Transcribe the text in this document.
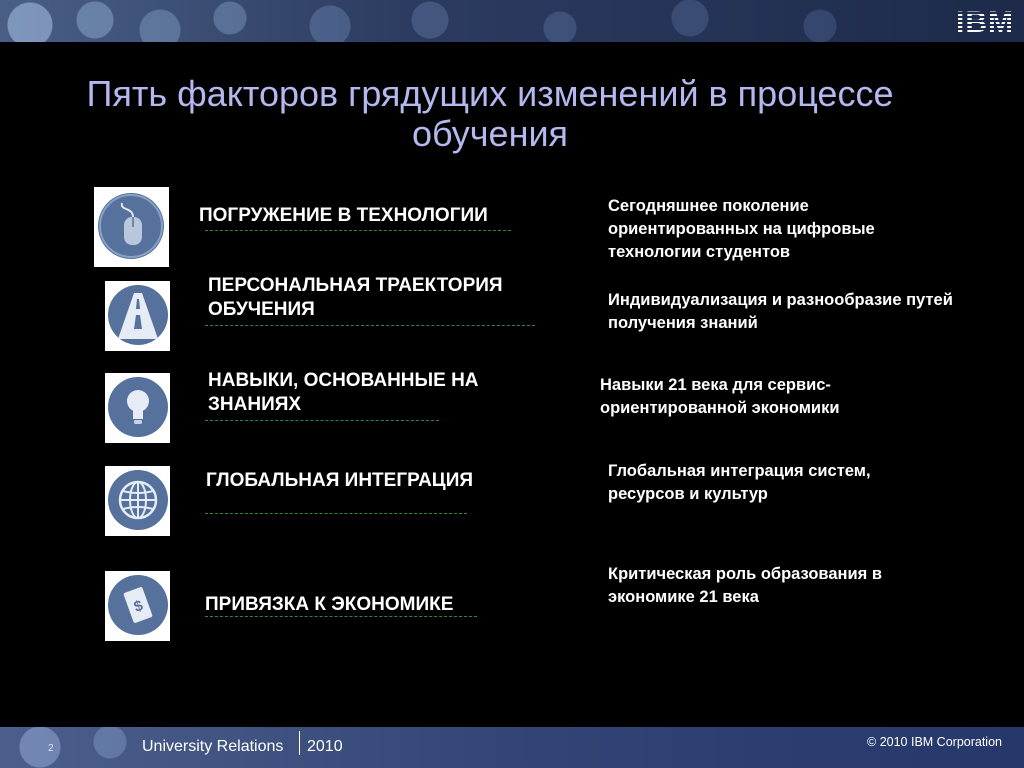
IBM
Пять факторов грядущих изменений в процессе обучения
$
ПОГРУЖЕНИЕ В ТЕХНОЛОГИИ
ПЕРСОНАЛЬНАЯ ТРАЕКТОРИЯ ОБУЧЕНИЯ
НАВЫКИ, ОСНОВАННЫЕ НА ЗНАНИЯХ
ГЛОБАЛЬНАЯ ИНТЕГРАЦИЯ
ПРИВЯЗКА К ЭКОНОМИКЕ
Сегодняшнее поколение ориентированных на цифровые технологии студентов
Индивидуализация и разнообразие путей получения знаний
Навыки 21 века для сервис-ориентированной экономики
Глобальная интеграция систем, ресурсов и культур
Критическая роль образования в экономике 21 века
2	University Relations 2010	© 2010 IBM Corporation
